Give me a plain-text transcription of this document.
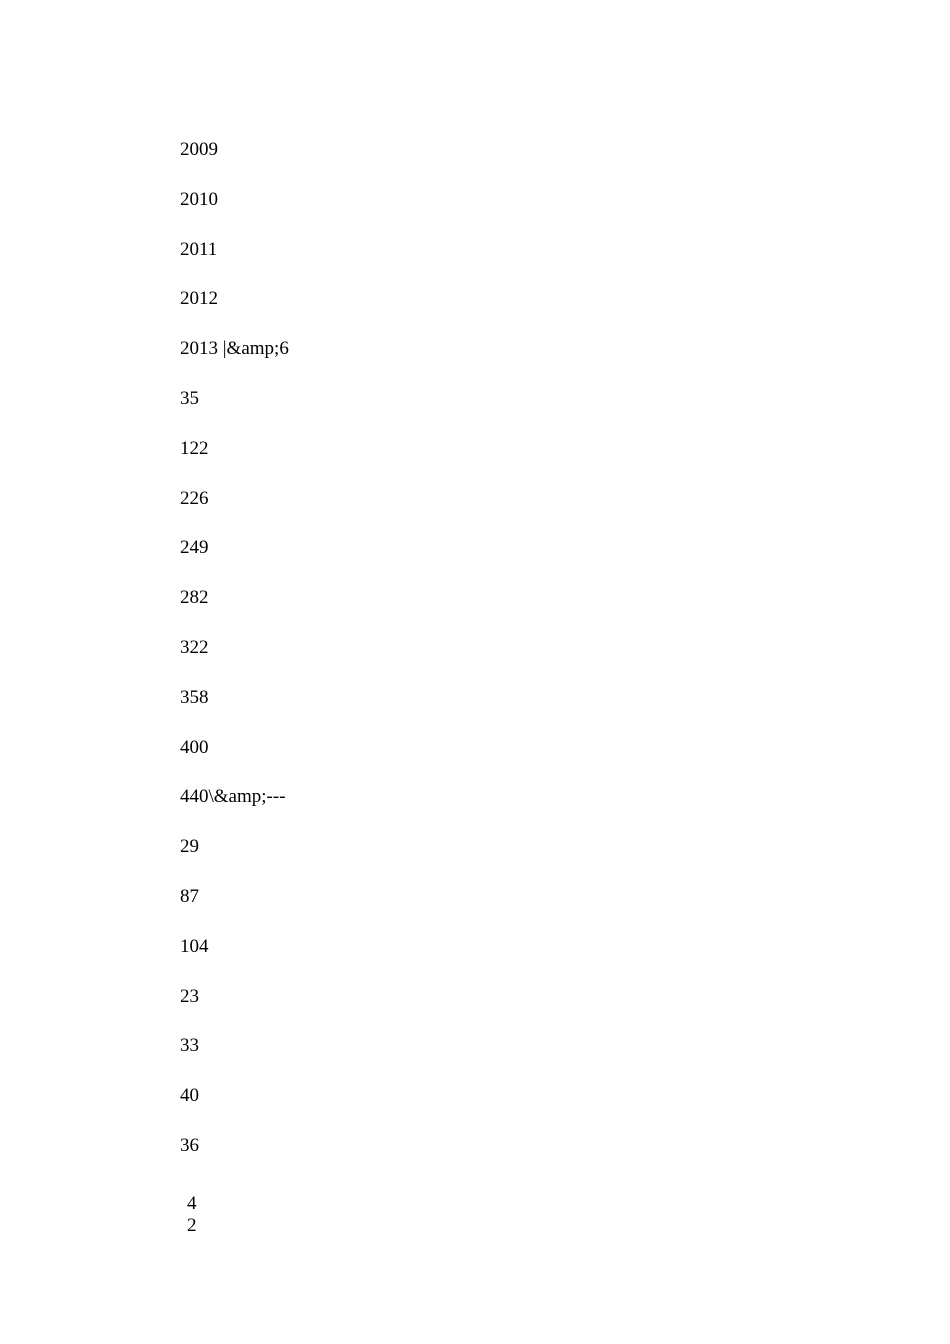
2009
2010
2011
2012
2013 |&amp;6
35
122
226
249
282
322
358
400
440\&amp;---
29
87
104
23
33
40
36
4
2
